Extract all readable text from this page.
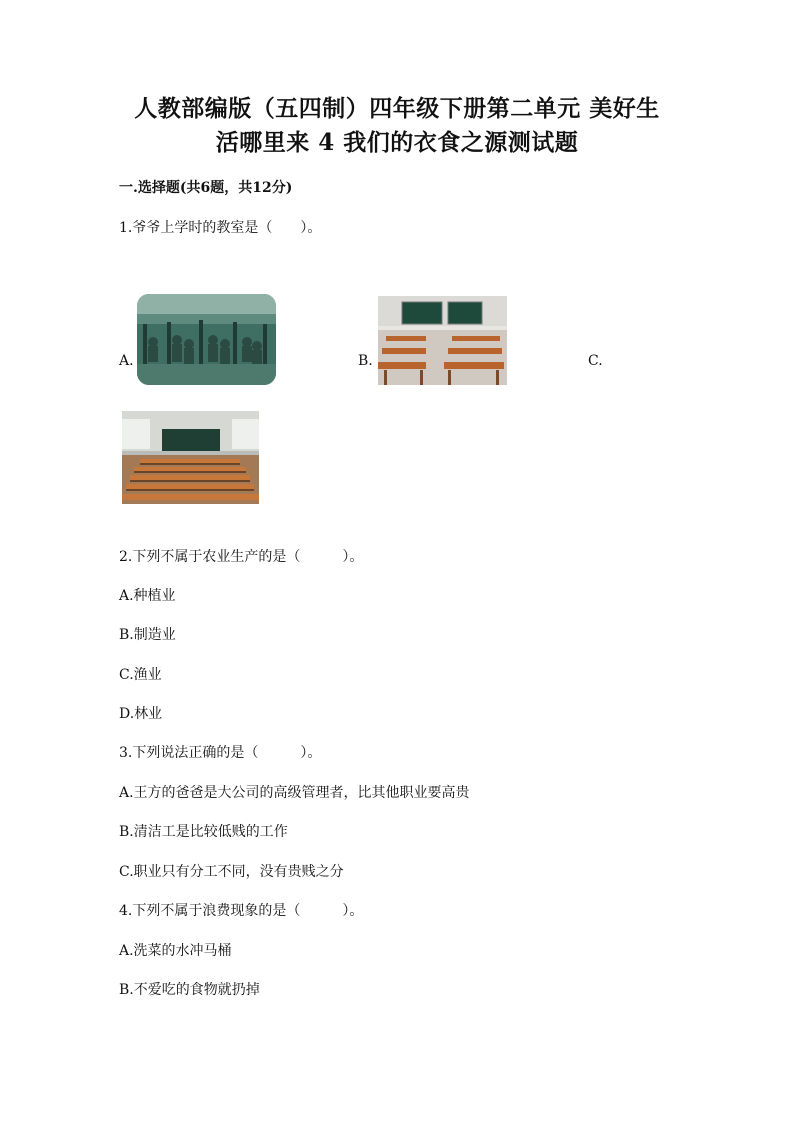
人教部编版（五四制）四年级下册第二单元 美好生
活哪里来 4 我们的衣食之源测试题
一.选择题(共6题，共12分)
1.爷爷上学时的教室是（　　）。
A.	B.	C.
2.下列不属于农业生产的是（　　　）。
A.种植业
B.制造业
C.渔业
D.林业
3.下列说法正确的是（　　　）。
A.王方的爸爸是大公司的高级管理者，比其他职业要高贵
B.清洁工是比较低贱的工作
C.职业只有分工不同，没有贵贱之分
4.下列不属于浪费现象的是（　　　）。
A.洗菜的水冲马桶
B.不爱吃的食物就扔掉
